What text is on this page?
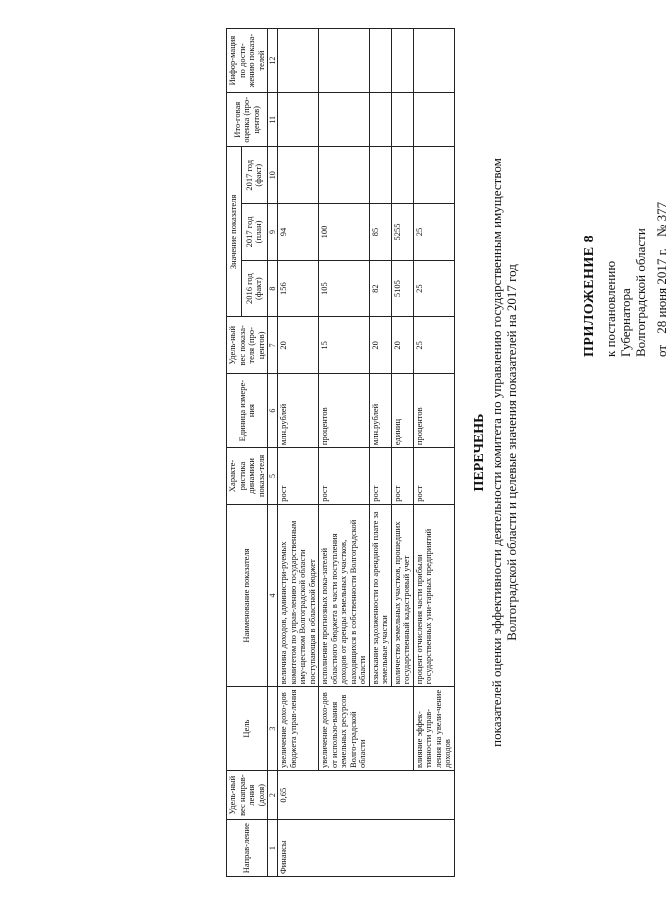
ПРИЛОЖЕНИЕ 8 к постановлению Губернатора Волгоградской области от 28 июня 2017 г. № 377
ПЕРЕЧЕНЬ показателей оценки эффективности деятельности комитета по управлению государственным имуществом Волгоградской области и целевые значения показателей на 2017 год
Направ-ление	Удель-ный вес направ-ления (доля)	Цель	Наименование показателя	Характе-ристика динамики показа-теля	Единица измере-ния	Удель-ный вес показа-теля (про-центов)	Значение показателя			Ито-говая оценка (про-центов)	Инфор-мация по дости-жению показа-телей
							2016 год (факт)	2017 год (план)	2017 год (факт)		
1	2	3	4	5	6	7	8	9	10	11	12
Финансы	0,65	увеличение дохо-дов бюджета управ-ления	величина доходов, администри-руемых комитетом по управ-лению государственным иму-ществом Волгоградской области поступающая в областной бюджет	рост	млн.рублей	20	156	94			
		увеличение дохо-дов от использо-вания земельных ресурсов Волго-градской области	исполнение прогнозных пока-зателей областного бюджета в части поступления доходов от аренды земельных участков, находящихся в собственности Волгоградской области	рост	процентов	15	105	100			
			взыскание задолженности по арендной плате за земельные участки	рост	млн.рублей	20	82	85			
			количество земельных участков, прошедших государственный кадастровый учет	рост	единиц	20	5105	5255			
		влияние эффек-тивности управ-ления на увели-чение доходов	процент отчисления части прибыли государственных уни-тарных предприятий	рост	процентов	25	25	25			
